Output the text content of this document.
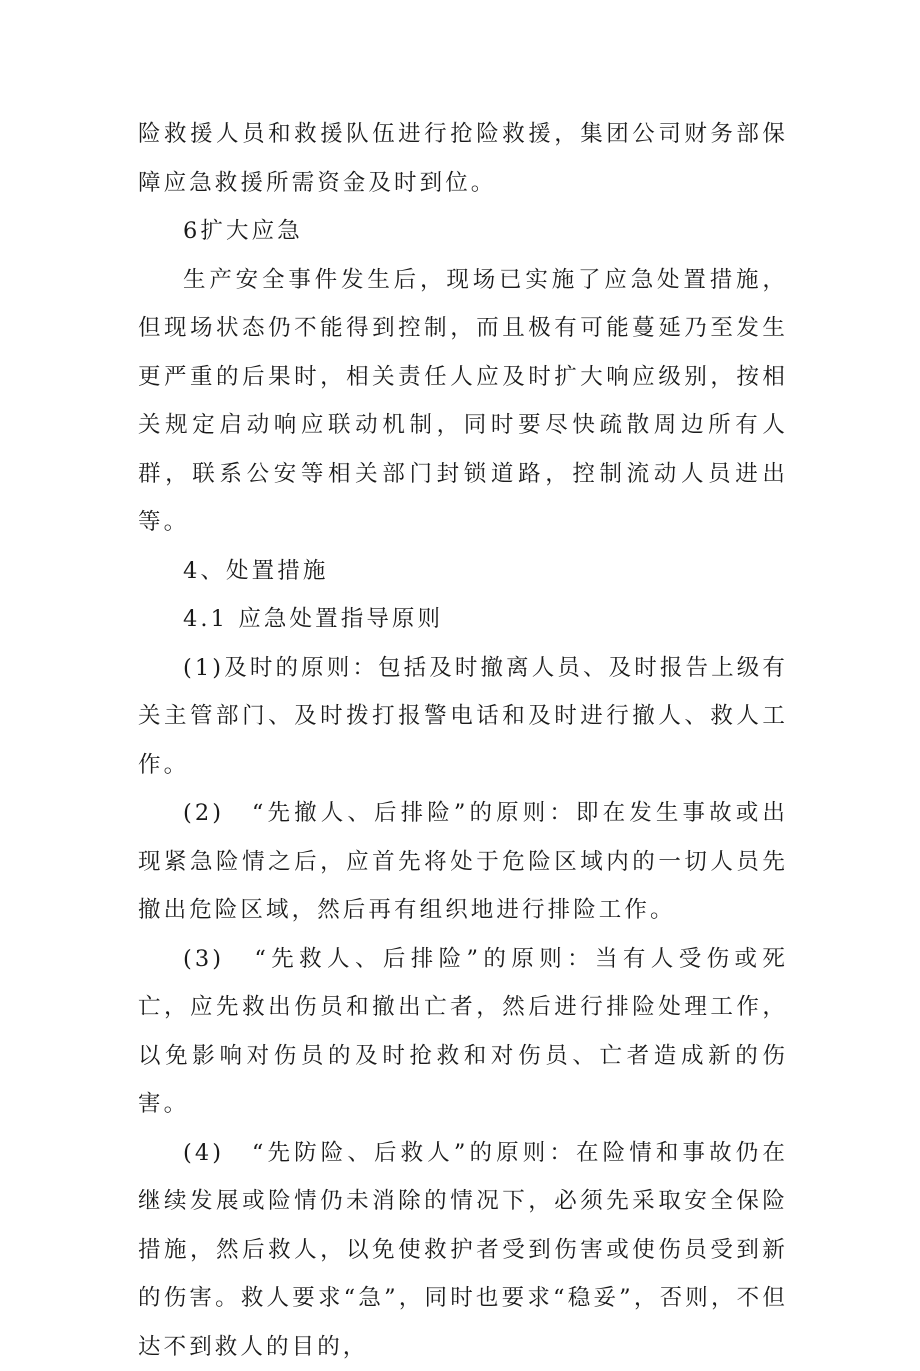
险救援人员和救援队伍进行抢险救援，集团公司财务部保障应急救援所需资金及时到位。

6扩大应急

生产安全事件发生后，现场已实施了应急处置措施，但现场状态仍不能得到控制，而且极有可能蔓延乃至发生更严重的后果时，相关责任人应及时扩大响应级别，按相关规定启动响应联动机制，同时要尽快疏散周边所有人群，联系公安等相关部门封锁道路，控制流动人员进出等。

4、处置措施

4.1 应急处置指导原则

(1)及时的原则：包括及时撤离人员、及时报告上级有关主管部门、及时拨打报警电话和及时进行撤人、救人工作。

(2)　“先撤人、后排险”的原则：即在发生事故或出现紧急险情之后，应首先将处于危险区域内的一切人员先撤出危险区域，然后再有组织地进行排险工作。

(3)　“先救人、后排险”的原则：当有人受伤或死亡，应先救出伤员和撤出亡者，然后进行排险处理工作，以免影响对伤员的及时抢救和对伤员、亡者造成新的伤害。

(4)　“先防险、后救人”的原则：在险情和事故仍在继续发展或险情仍未消除的情况下，必须先采取安全保险措施，然后救人，以免使救护者受到伤害或使伤员受到新的伤害。救人要求“急”，同时也要求“稳妥”，否则，不但达不到救人的目的，
